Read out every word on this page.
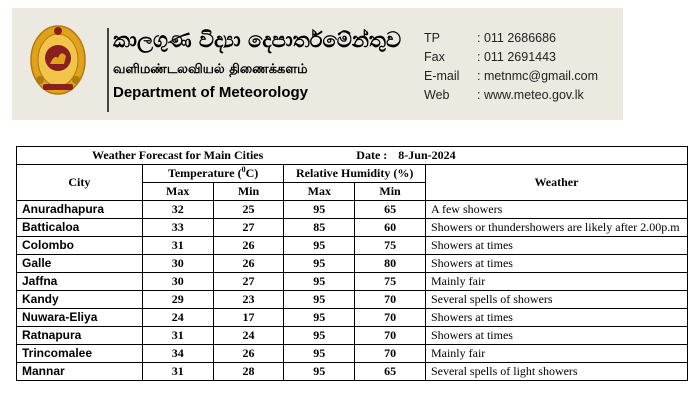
කාලගුණ විද්‍යා දෙපාර්තමේන්තුව
வளிமண்டலவியல் திணைக்களம்
Department of Meteorology
TP	: 011 2686686
Fax	: 011 2691443
E-mail	: metnmc@gmail.com
Web	: www.meteo.gov.lk
Weather Forecast for Main Cities Date : 8-Jun-2024					
City	Temperature ($^0$C)		Relative Humidity (%)		Weather
	Max	Min	Max	Min	
Anuradhapura	32	25	95	65	A few showers
Batticaloa	33	27	85	60	Showers or thundershowers are likely after 2.00p.m
Colombo	31	26	95	75	Showers at times
Galle	30	26	95	80	Showers at times
Jaffna	30	27	95	75	Mainly fair
Kandy	29	23	95	70	Several spells of showers
Nuwara-Eliya	24	17	95	70	Showers at times
Ratnapura	31	24	95	70	Showers at times
Trincomalee	34	26	95	70	Mainly fair
Mannar	31	28	95	65	Several spells of light showers
